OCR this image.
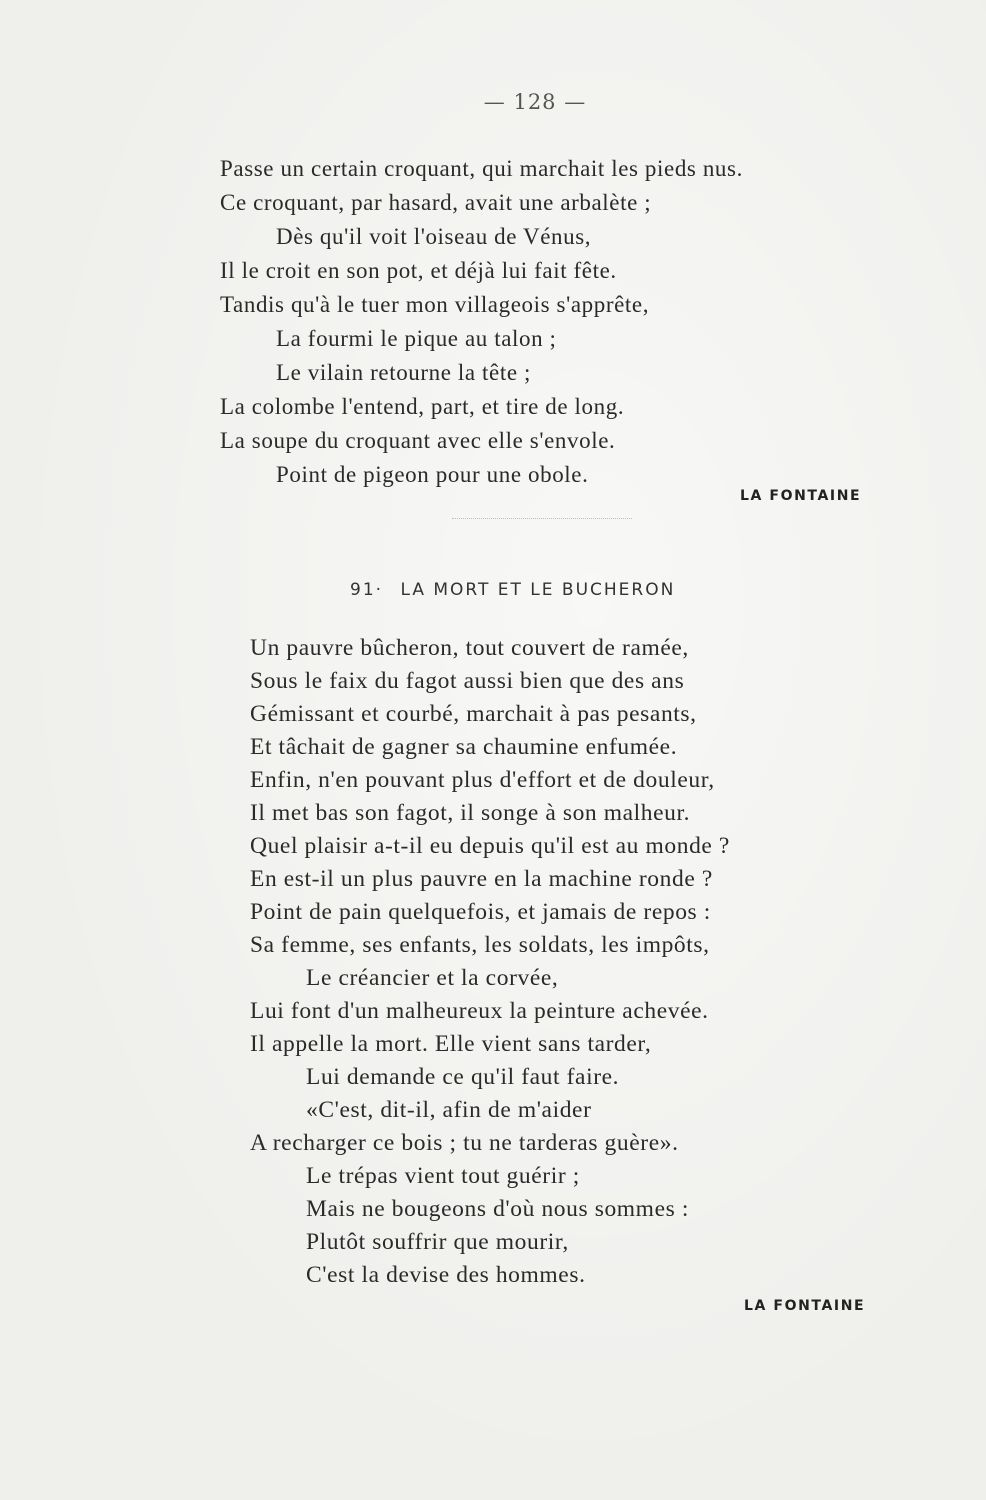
— 128 —
Passe un certain croquant, qui marchait les pieds nus.
Ce croquant, par hasard, avait une arbalète ;
Dès qu'il voit l'oiseau de Vénus,
Il le croit en son pot, et déjà lui fait fête.
Tandis qu'à le tuer mon villageois s'apprête,
La fourmi le pique au talon ;
Le vilain retourne la tête ;
La colombe l'entend, part, et tire de long.
La soupe du croquant avec elle s'envole.
Point de pigeon pour une obole.
LA FONTAINE
91· LA MORT ET LE BUCHERON
Un pauvre bûcheron, tout couvert de ramée,
Sous le faix du fagot aussi bien que des ans
Gémissant et courbé, marchait à pas pesants,
Et tâchait de gagner sa chaumine enfumée.
Enfin, n'en pouvant plus d'effort et de douleur,
Il met bas son fagot, il songe à son malheur.
Quel plaisir a-t-il eu depuis qu'il est au monde ?
En est-il un plus pauvre en la machine ronde ?
Point de pain quelquefois, et jamais de repos :
Sa femme, ses enfants, les soldats, les impôts,
Le créancier et la corvée,
Lui font d'un malheureux la peinture achevée.
Il appelle la mort. Elle vient sans tarder,
Lui demande ce qu'il faut faire.
«C'est, dit-il, afin de m'aider
A recharger ce bois ; tu ne tarderas guère».
Le trépas vient tout guérir ;
Mais ne bougeons d'où nous sommes :
Plutôt souffrir que mourir,
C'est la devise des hommes.
LA FONTAINE
